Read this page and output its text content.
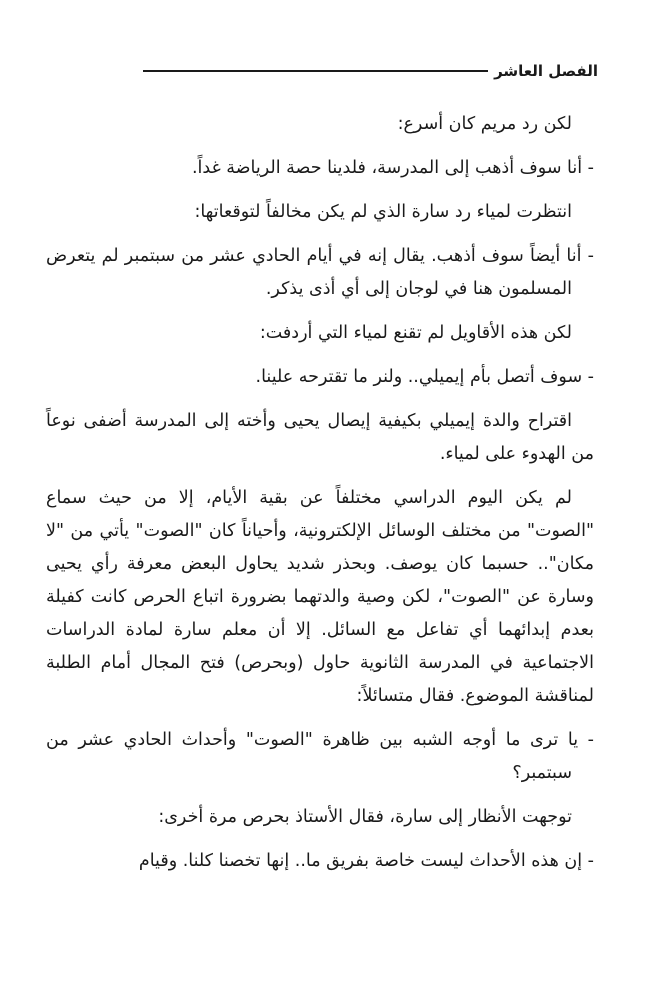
الفصل العاشر

لكن رد مريم كان أسرع:

- أنا سوف أذهب إلى المدرسة، فلدينا حصة الرياضة غداً.

انتظرت لمياء رد سارة الذي لم يكن مخالفاً لتوقعاتها:

- أنا أيضاً سوف أذهب. يقال إنه في أيام الحادي عشر من سبتمبر لم يتعرض المسلمون هنا في لوجان إلى أي أذى يذكر.

لكن هذه الأقاويل لم تقنع لمياء التي أردفت:

- سوف أتصل بأم إيميلي.. ولنر ما تقترحه علينا.

اقتراح والدة إيميلي بكيفية إيصال يحيى وأخته إلى المدرسة أضفى نوعاً من الهدوء على لمياء.

لم يكن اليوم الدراسي مختلفاً عن بقية الأيام، إلا من حيث سماع "الصوت" من مختلف الوسائل الإلكترونية، وأحياناً كان "الصوت" يأتي من "لا مكان".. حسبما كان يوصف. وبحذر شديد يحاول البعض معرفة رأي يحيى وسارة عن "الصوت"، لكن وصية والدتهما بضرورة اتباع الحرص كانت كفيلة بعدم إبدائهما أي تفاعل مع السائل. إلا أن معلم سارة لمادة الدراسات الاجتماعية في المدرسة الثانوية حاول (وبحرص) فتح المجال أمام الطلبة لمناقشة الموضوع. فقال متسائلاً:

- يا ترى ما أوجه الشبه بين ظاهرة "الصوت" وأحداث الحادي عشر من سبتمبر؟

توجهت الأنظار إلى سارة، فقال الأستاذ بحرص مرة أخرى:

- إن هذه الأحداث ليست خاصة بفريق ما.. إنها تخصنا كلنا. وقيام
